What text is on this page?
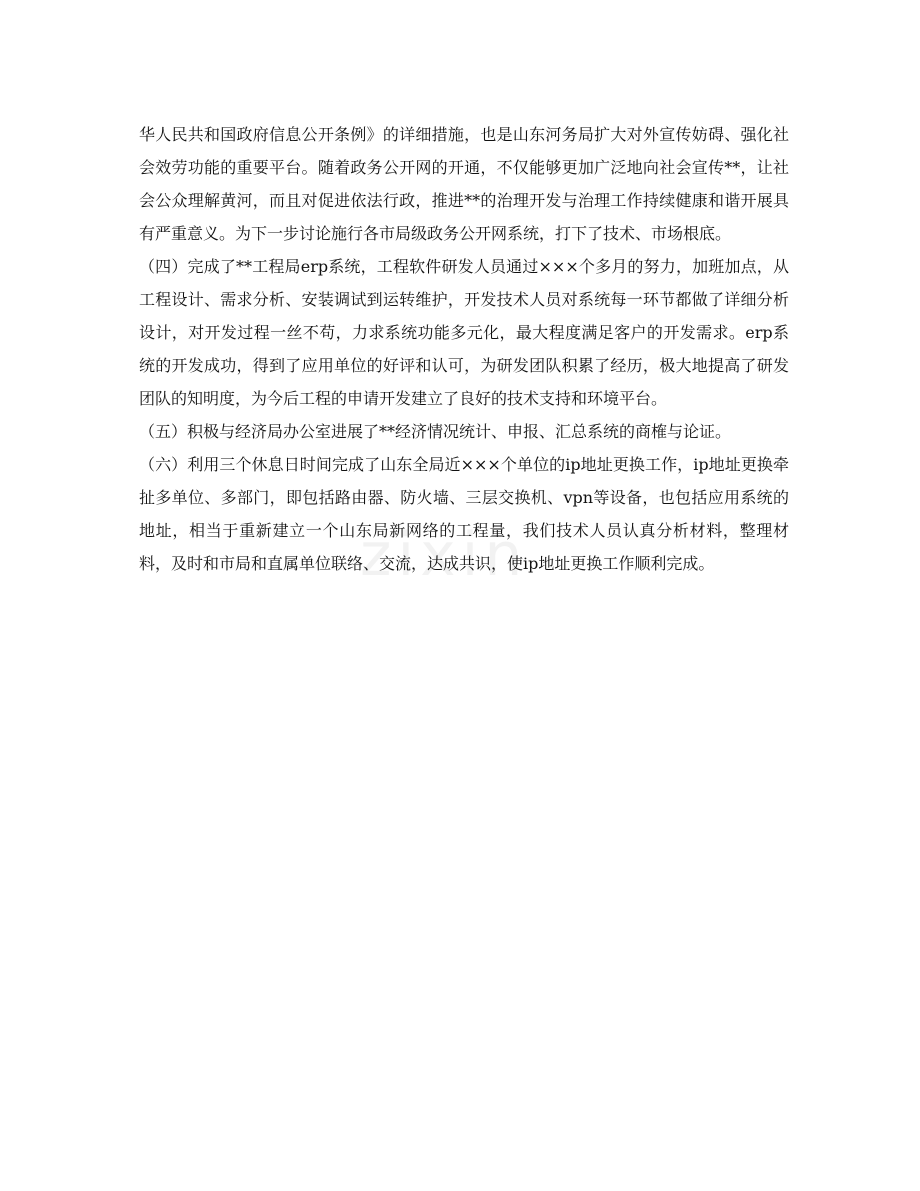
zixin

华人民共和国政府信息公开条例》的详细措施，也是山东河务局扩大对外宣传妨碍、强化社会效劳功能的重要平台。随着政务公开网的开通，不仅能够更加广泛地向社会宣传**，让社会公众理解黄河，而且对促进依法行政，推进**的治理开发与治理工作持续健康和谐开展具有严重意义。为下一步讨论施行各市局级政务公开网系统，打下了技术、市场根底。

（四）完成了**工程局erp系统，工程软件研发人员通过×××个多月的努力，加班加点，从工程设计、需求分析、安装调试到运转维护，开发技术人员对系统每一环节都做了详细分析设计，对开发过程一丝不苟，力求系统功能多元化，最大程度满足客户的开发需求。erp系统的开发成功，得到了应用单位的好评和认可，为研发团队积累了经历，极大地提高了研发团队的知明度，为今后工程的申请开发建立了良好的技术支持和环境平台。

（五）积极与经济局办公室进展了**经济情况统计、申报、汇总系统的商榷与论证。

（六）利用三个休息日时间完成了山东全局近×××个单位的ip地址更换工作，ip地址更换牵扯多单位、多部门，即包括路由器、防火墙、三层交换机、vpn等设备，也包括应用系统的地址，相当于重新建立一个山东局新网络的工程量，我们技术人员认真分析材料，整理材料，及时和市局和直属单位联络、交流，达成共识，使ip地址更换工作顺利完成。
